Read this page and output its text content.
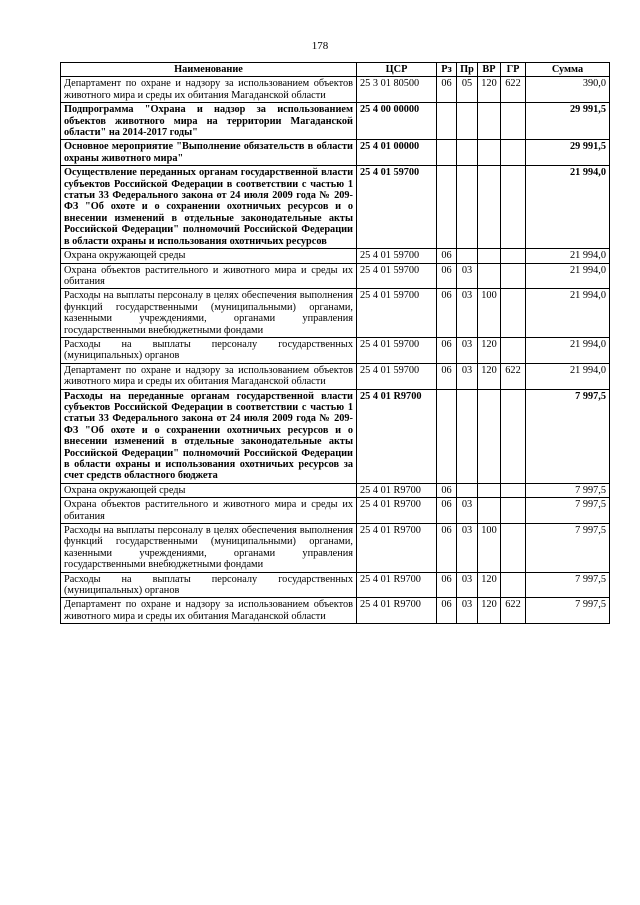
178
Наименование	ЦСР	Рз	Пр	ВР	ГР	Сумма
Департамент по охране и надзору за использованием объектов животного мира и среды их обитания Магаданской области	25 3 01 80500	06	05	120	622	390,0
Подпрограмма "Охрана и надзор за использованием объектов животного мира на территории Магаданской области" на 2014-2017 годы"	25 4 00 00000					29 991,5
Основное мероприятие "Выполнение обязательств в области охраны животного мира"	25 4 01 00000					29 991,5
Осуществление переданных органам государственной власти субъектов Российской Федерации в соответствии с частью 1 статьи 33 Федерального закона от 24 июля 2009 года № 209-ФЗ "Об охоте и о сохранении охотничьих ресурсов и о внесении изменений в отдельные законодательные акты Российской Федерации" полномочий Российской Федерации в области охраны и использования охотничьих ресурсов	25 4 01 59700					21 994,0
Охрана окружающей среды	25 4 01 59700	06				21 994,0
Охрана объектов растительного и животного мира и среды их обитания	25 4 01 59700	06	03			21 994,0
Расходы на выплаты персоналу в целях обеспечения выполнения функций государственными (муниципальными) органами, казенными учреждениями, органами управления государственными внебюджетными фондами	25 4 01 59700	06	03	100		21 994,0
Расходы на выплаты персоналу государственных (муниципальных) органов	25 4 01 59700	06	03	120		21 994,0
Департамент по охране и надзору за использованием объектов животного мира и среды их обитания Магаданской области	25 4 01 59700	06	03	120	622	21 994,0
Расходы на переданные органам государственной власти субъектов Российской Федерации в соответствии с частью 1 статьи 33 Федерального закона от 24 июля 2009 года № 209-ФЗ "Об охоте и о сохранении охотничьих ресурсов и о внесении изменений в отдельные законодательные акты Российской Федерации" полномочий Российской Федерации в области охраны и использования охотничьих ресурсов за счет средств областного бюджета	25 4 01 R9700					7 997,5
Охрана окружающей среды	25 4 01 R9700	06				7 997,5
Охрана объектов растительного и животного мира и среды их обитания	25 4 01 R9700	06	03			7 997,5
Расходы на выплаты персоналу в целях обеспечения выполнения функций государственными (муниципальными) органами, казенными учреждениями, органами управления государственными внебюджетными фондами	25 4 01 R9700	06	03	100		7 997,5
Расходы на выплаты персоналу государственных (муниципальных) органов	25 4 01 R9700	06	03	120		7 997,5
Департамент по охране и надзору за использованием объектов животного мира и среды их обитания Магаданской области	25 4 01 R9700	06	03	120	622	7 997,5
